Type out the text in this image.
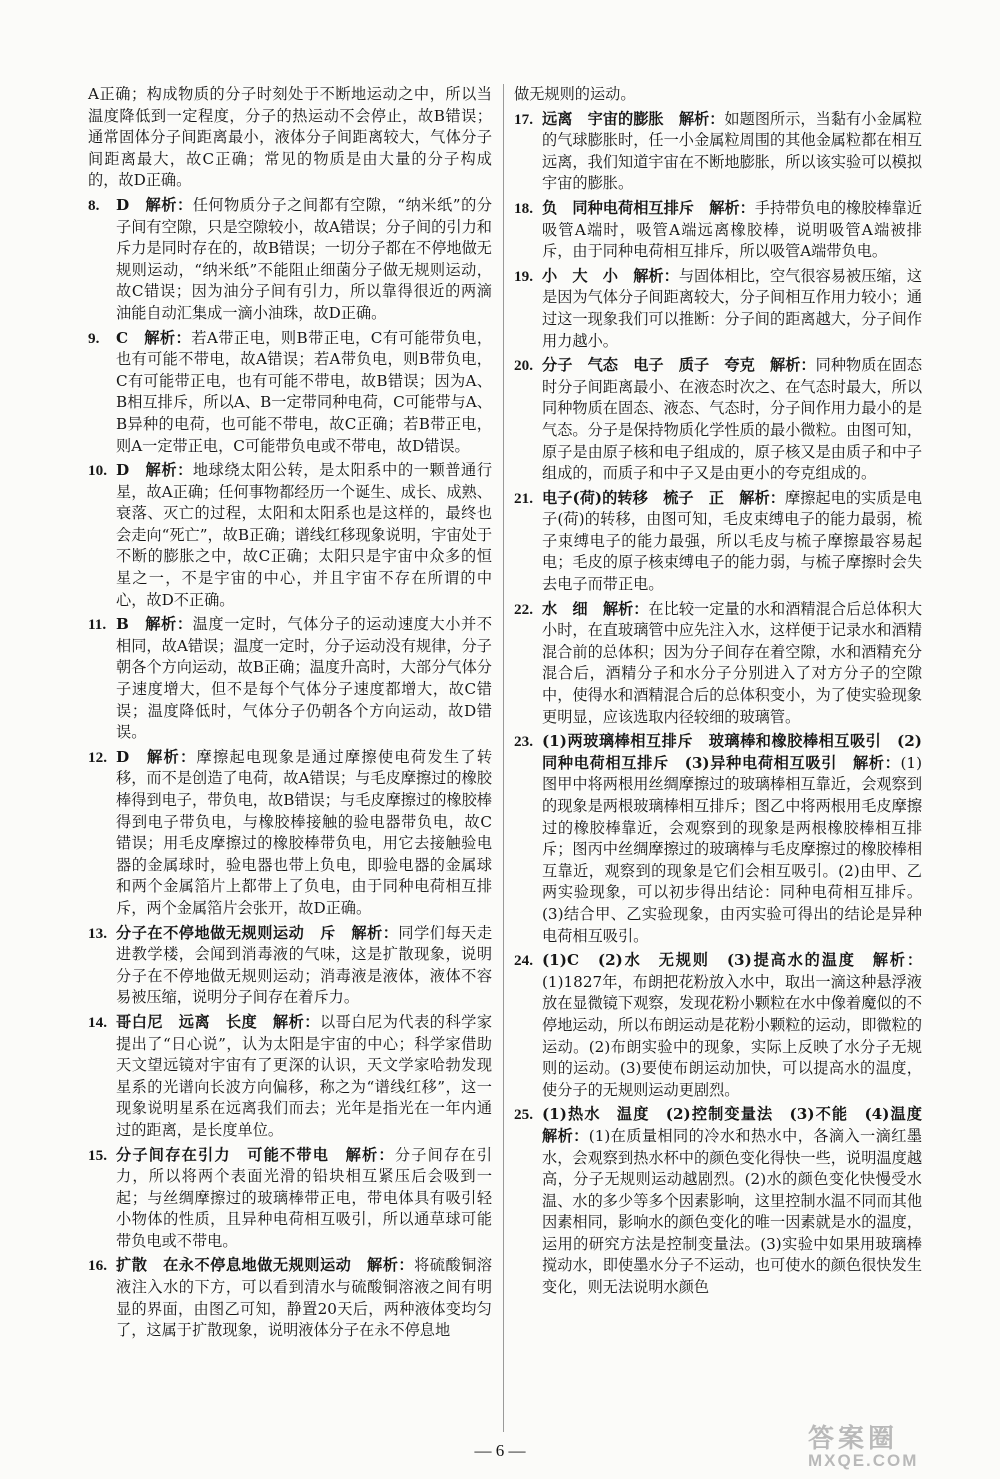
A正确；构成物质的分子时刻处于不断地运动之中，所以当温度降低到一定程度，分子的热运动不会停止，故B错误；通常固体分子间距离最小，液体分子间距离较大，气体分子间距离最大，故C正确；常见的物质是由大量的分子构成的，故D正确。
8. D　 解析：任何物质分子之间都有空隙，“纳米纸”的分子间有空隙，只是空隙较小，故A错误；分子间的引力和斥力是同时存在的，故B错误；一切分子都在不停地做无规则运动，“纳米纸”不能阻止细菌分子做无规则运动，故C错误；因为油分子间有引力，所以靠得很近的两滴油能自动汇集成一滴小油珠，故D正确。
9. C　 解析：若A带正电，则B带正电，C有可能带负电，也有可能不带电，故A错误；若A带负电，则B带负电，C有可能带正电，也有可能不带电，故B错误；因为A、B相互排斥，所以A、B一定带同种电荷，C可能带与A、B异种的电荷，也可能不带电，故C正确；若B带正电，则A一定带正电，C可能带负电或不带电，故D错误。
10. D　 解析：地球绕太阳公转，是太阳系中的一颗普通行星，故A正确；任何事物都经历一个诞生、成长、成熟、衰落、灭亡的过程，太阳和太阳系也是这样的，最终也会走向“死亡”，故B正确；谱线红移现象说明，宇宙处于不断的膨胀之中，故C正确；太阳只是宇宙中众多的恒星之一，不是宇宙的中心，并且宇宙不存在所谓的中心，故D不正确。
11. B　 解析：温度一定时，气体分子的运动速度大小并不相同，故A错误；温度一定时，分子运动没有规律，分子朝各个方向运动，故B正确；温度升高时，大部分气体分子速度增大，但不是每个气体分子速度都增大，故C错误；温度降低时，气体分子仍朝各个方向运动，故D错误。
12. D　 解析：摩擦起电现象是通过摩擦使电荷发生了转移，而不是创造了电荷，故A错误；与毛皮摩擦过的橡胶棒得到电子，带负电，故B错误；与毛皮摩擦过的橡胶棒得到电子带负电，与橡胶棒接触的验电器带负电，故C错误；用毛皮摩擦过的橡胶棒带负电，用它去接触验电器的金属球时，验电器也带上负电，即验电器的金属球和两个金属箔片上都带上了负电，由于同种电荷相互排斥，两个金属箔片会张开，故D正确。
13. 分子在不停地做无规则运动　斥　 解析：同学们每天走进教学楼，会闻到消毒液的气味，这是扩散现象，说明分子在不停地做无规则运动；消毒液是液体，液体不容易被压缩，说明分子间存在着斥力。
14. 哥白尼　远离　长度　 解析：以哥白尼为代表的科学家提出了“日心说”，认为太阳是宇宙的中心；科学家借助天文望远镜对宇宙有了更深的认识，天文学家哈勃发现星系的光谱向长波方向偏移，称之为“谱线红移”，这一现象说明星系在远离我们而去；光年是指光在一年内通过的距离，是长度单位。
15. 分子间存在引力　可能不带电　 解析：分子间存在引力，所以将两个表面光滑的铅块相互紧压后会吸到一起；与丝绸摩擦过的玻璃棒带正电，带电体具有吸引轻小物体的性质，且异种电荷相互吸引，所以通草球可能带负电或不带电。
16. 扩散　在永不停息地做无规则运动　 解析：将硫酸铜溶液注入水的下方，可以看到清水与硫酸铜溶液之间有明显的界面，由图乙可知，静置20天后，两种液体变均匀了，这属于扩散现象，说明液体分子在永不停息地
做无规则的运动。
17. 远离　宇宙的膨胀　 解析：如题图所示，当黏有小金属粒的气球膨胀时，任一小金属粒周围的其他金属粒都在相互远离，我们知道宇宙在不断地膨胀，所以该实验可以模拟宇宙的膨胀。
18. 负　同种电荷相互排斥　 解析：手持带负电的橡胶棒靠近吸管A端时，吸管A端远离橡胶棒，说明吸管A端被排斥，由于同种电荷相互排斥，所以吸管A端带负电。
19. 小　大　小　 解析：与固体相比，空气很容易被压缩，这是因为气体分子间距离较大，分子间相互作用力较小；通过这一现象我们可以推断：分子间的距离越大，分子间作用力越小。
20. 分子　气态　电子　质子　夸克　 解析：同种物质在固态时分子间距离最小、在液态时次之、在气态时最大，所以同种物质在固态、液态、气态时，分子间作用力最小的是气态。分子是保持物质化学性质的最小微粒。由图可知，原子是由原子核和电子组成的，原子核又是由质子和中子组成的，而质子和中子又是由更小的夸克组成的。
21. 电子(荷)的转移　梳子　正　 解析：摩擦起电的实质是电子(荷)的转移，由图可知，毛皮束缚电子的能力最弱，梳子束缚电子的能力最强，所以毛皮与梳子摩擦最容易起电；毛皮的原子核束缚电子的能力弱，与梳子摩擦时会失去电子而带正电。
22. 水　细　 解析：在比较一定量的水和酒精混合后总体积大小时，在直玻璃管中应先注入水，这样便于记录水和酒精混合前的总体积；因为分子间存在着空隙，水和酒精充分混合后，酒精分子和水分子分别进入了对方分子的空隙中，使得水和酒精混合后的总体积变小，为了使实验现象更明显，应该选取内径较细的玻璃管。
23. (1)两玻璃棒相互排斥　玻璃棒和橡胶棒相互吸引　(2)同种电荷相互排斥　(3)异种电荷相互吸引　 解析：(1)图甲中将两根用丝绸摩擦过的玻璃棒相互靠近，会观察到的现象是两根玻璃棒相互排斥；图乙中将两根用毛皮摩擦过的橡胶棒靠近，会观察到的现象是两根橡胶棒相互排斥；图丙中丝绸摩擦过的玻璃棒与毛皮摩擦过的橡胶棒相互靠近，观察到的现象是它们会相互吸引。(2)由甲、乙两实验现象，可以初步得出结论：同种电荷相互排斥。(3)结合甲、乙实验现象，由丙实验可得出的结论是异种电荷相互吸引。
24. (1)C　(2)水　无规则　(3)提高水的温度　 解析：(1)1827年，布朗把花粉放入水中，取出一滴这种悬浮液放在显微镜下观察，发现花粉小颗粒在水中像着魔似的不停地运动，所以布朗运动是花粉小颗粒的运动，即微粒的运动。(2)布朗实验中的现象，实际上反映了水分子无规则的运动。(3)要使布朗运动加快，可以提高水的温度，使分子的无规则运动更剧烈。
25. (1)热水　温度　(2)控制变量法　(3)不能　(4)温度　解析：(1)在质量相同的冷水和热水中，各滴入一滴红墨水，会观察到热水杯中的颜色变化得快一些，说明温度越高，分子无规则运动越剧烈。(2)水的颜色变化快慢受水温、水的多少等多个因素影响，这里控制水温不同而其他因素相同，影响水的颜色变化的唯一因素就是水的温度，运用的研究方法是控制变量法。(3)实验中如果用玻璃棒搅动水，即使墨水分子不运动，也可使水的颜色很快发生变化，则无法说明水颜色
— 6 —	答案圈
MXQE.COM
